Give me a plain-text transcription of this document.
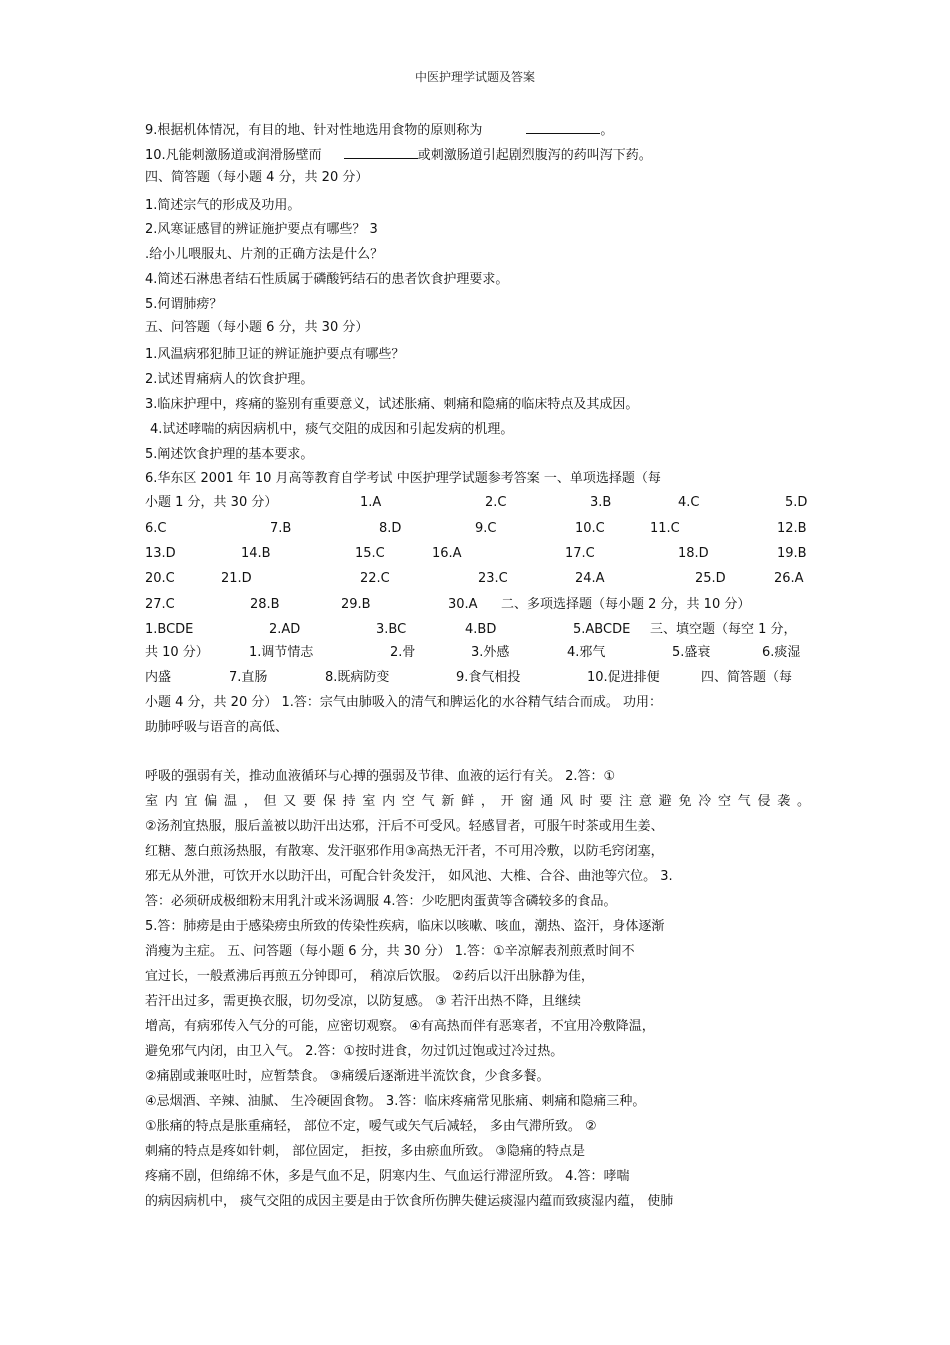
中医护理学试题及答案
9.根据机体情况，有目的地、针对性地选用食物的原则称为	。
10.凡能刺激肠道或润滑肠壁而	或刺激肠道引起剧烈腹泻的药叫泻下药。
四、简答题（每小题 4 分，共 20 分）
1.简述宗气的形成及功用。
2.风寒证感冒的辨证施护要点有哪些？ 3
.给小儿喂服丸、片剂的正确方法是什么？
4.简述石淋患者结石性质属于磷酸钙结石的患者饮食护理要求。
5.何谓肺痨？
五、问答题（每小题 6 分，共 30 分）
1.风温病邪犯肺卫证的辨证施护要点有哪些？
2.试述胃痛病人的饮食护理。
3.临床护理中，疼痛的鉴别有重要意义，试述胀痛、刺痛和隐痛的临床特点及其成因。
4.试述哮喘的病因病机中，痰气交阻的成因和引起发病的机理。
5.阐述饮食护理的基本要求。
6.华东区 2001 年 10 月高等教育自学考试 中医护理学试题参考答案 一、单项选择题（每
小题 1 分，共 30 分）	1.A	2.C	3.B	4.C	5.D
6.C	7.B	8.D	9.C	10.C	11.C	12.B
13.D	14.B	15.C	16.A	17.C	18.D	19.B
20.C	21.D	22.C	23.C	24.A	25.D	26.A
27.C	28.B	29.B	30.A 二、多项选择题（每小题 2 分，共 10 分）
1.BCDE	2.AD	3.BC	4.BD	5.ABCDE 三、填空题（每空 1 分，
共 10 分）	1.调节情志	2.骨	3.外感	4.邪气	5.盛衰	6.痰湿
内盛	7.直肠	8.既病防变	9.食气相投	10.促进排便	四、简答题（每
小题 4 分，共 20 分） 1.答：宗气由肺吸入的清气和脾运化的水谷精气结合而成。 功用：
助肺呼吸与语音的高低、
呼吸的强弱有关，推动血液循环与心搏的强弱及节律、血液的运行有关。 2.答：①
室内宜偏温，但又要保持室内空气新鲜，开窗通风时要注意避免冷空气侵袭。
②汤剂宜热服，服后盖被以助汗出达邪，汗后不可受风。轻感冒者，可服午时茶或用生姜、
红糖、葱白煎汤热服，有散寒、发汗驱邪作用③高热无汗者，不可用冷敷，以防毛窍闭塞，
邪无从外泄，可饮开水以助汗出，可配合针灸发汗， 如风池、大椎、合谷、曲池等穴位。 3.
答：必须研成极细粉末用乳汁或米汤调服 4.答：少吃肥肉蛋黄等含磷较多的食品。
5.答：肺痨是由于感染痨虫所致的传染性疾病，临床以咳嗽、咳血，潮热、盗汗，身体逐渐
消瘦为主症。 五、问答题（每小题 6 分，共 30 分） 1.答：①辛凉解表剂煎煮时间不
宜过长，一般煮沸后再煎五分钟即可， 稍凉后饮服。 ②药后以汗出脉静为佳，
若汗出过多，需更换衣服，切勿受凉，以防复感。 ③ 若汗出热不降，且继续
增高，有病邪传入气分的可能，应密切观察。 ④有高热而伴有恶寒者，不宜用冷敷降温，
避免邪气内闭，由卫入气。 2.答：①按时进食，勿过饥过饱或过冷过热。
②痛剧或兼呕吐时，应暂禁食。 ③痛缓后逐渐进半流饮食，少食多餐。
④忌烟酒、辛辣、油腻、 生冷硬固食物。 3.答：临床疼痛常见胀痛、刺痛和隐痛三种。
①胀痛的特点是胀重痛轻， 部位不定，嗳气或矢气后减轻， 多由气滞所致。 ②
刺痛的特点是疼如针刺， 部位固定， 拒按，多由瘀血所致。 ③隐痛的特点是
疼痛不剧，但绵绵不休，多是气血不足，阴寒内生、气血运行滞涩所致。 4.答：哮喘
的病因病机中， 痰气交阻的成因主要是由于饮食所伤脾失健运痰湿内蕴而致痰湿内蕴， 使肺
